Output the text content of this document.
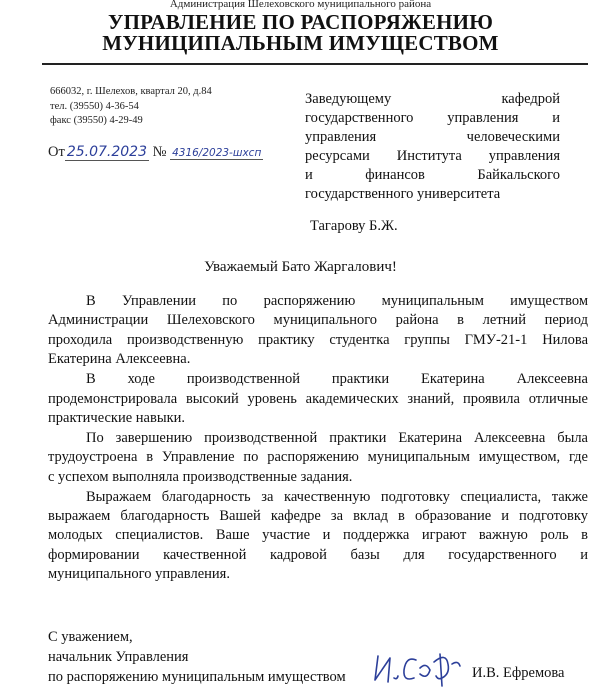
Администрация Шелеховского муниципального района
УПРАВЛЕНИЕ ПО РАСПОРЯЖЕНИЮ
МУНИЦИПАЛЬНЫМ ИМУЩЕСТВОМ
666032, г. Шелехов, квартал 20, д.84
тел. (39550) 4-36-54
факс (39550) 4-29-49
От 25.07.2023 № 4316/2023-шхсп
Заведующему кафедрой
государственного управления и
управления человеческими
ресурсами Института управления
и финансов Байкальского
государственного университета
Тагарову Б.Ж.
Уважаемый Бато Жаргалович!
В Управлении по распоряжению муниципальным имуществом
Администрации Шелеховского муниципального района в летний период
проходила производственную практику студентка группы ГМУ-21-1 Нилова
Екатерина Алексеевна.
В ходе производственной практики Екатерина Алексеевна
продемонстрировала высокий уровень академических знаний, проявила отличные
практические навыки.
По завершению производственной практики Екатерина Алексеевна была
трудоустроена в Управление по распоряжению муниципальным имуществом, где
с успехом выполняла производственные задания.
Выражаем благодарность за качественную подготовку специалиста, также
выражаем благодарность Вашей кафедре за вклад в образование и подготовку
молодых специалистов. Ваше участие и поддержка играют важную роль в
формировании качественной кадровой базы для государственного и
муниципального управления.
С уважением,
начальник Управления
по распоряжению муниципальным имуществом	И.В. Ефремова
